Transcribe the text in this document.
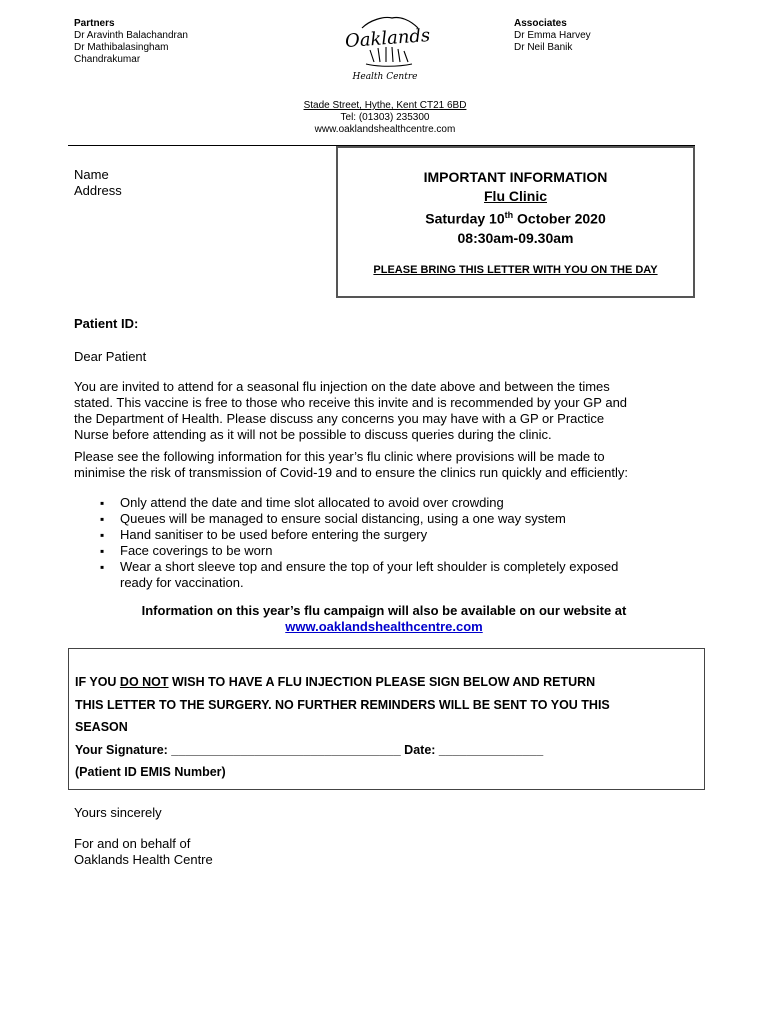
Partners
Dr Aravinth Balachandran
Dr Mathibalasingham
Chandrakumar
Associates
Dr Emma Harvey
Dr Neil Banik
Oaklands
Health Centre
Stade Street, Hythe, Kent CT21 6BD
Tel: (01303) 235300
www.oaklandshealthcentre.com
Name
Address
IMPORTANT INFORMATION
Flu Clinic
Saturday 10th October 2020
08:30am-09.30am
PLEASE BRING THIS LETTER WITH YOU ON THE DAY
Patient ID:
Dear Patient
You are invited to attend for a seasonal flu injection on the date above and between the times
stated. This vaccine is free to those who receive this invite and is recommended by your GP and
the Department of Health. Please discuss any concerns you may have with a GP or Practice
Nurse before attending as it will not be possible to discuss queries during the clinic.
Please see the following information for this year’s flu clinic where provisions will be made to
minimise the risk of transmission of Covid-19 and to ensure the clinics run quickly and efficiently:
▪ Only attend the date and time slot allocated to avoid over crowding
▪ Queues will be managed to ensure social distancing, using a one way system
▪ Hand sanitiser to be used before entering the surgery
▪ Face coverings to be worn
▪ Wear a short sleeve top and ensure the top of your left shoulder is completely exposed
ready for vaccination.
Information on this year’s flu campaign will also be available on our website at
www.oaklandshealthcentre.com
IF YOU DO NOT WISH TO HAVE A FLU INJECTION PLEASE SIGN BELOW AND RETURN
THIS LETTER TO THE SURGERY. NO FURTHER REMINDERS WILL BE SENT TO YOU THIS
SEASON
Your Signature: _________________________________ Date: _______________
(Patient ID EMIS Number)
Yours sincerely
For and on behalf of
Oaklands Health Centre
